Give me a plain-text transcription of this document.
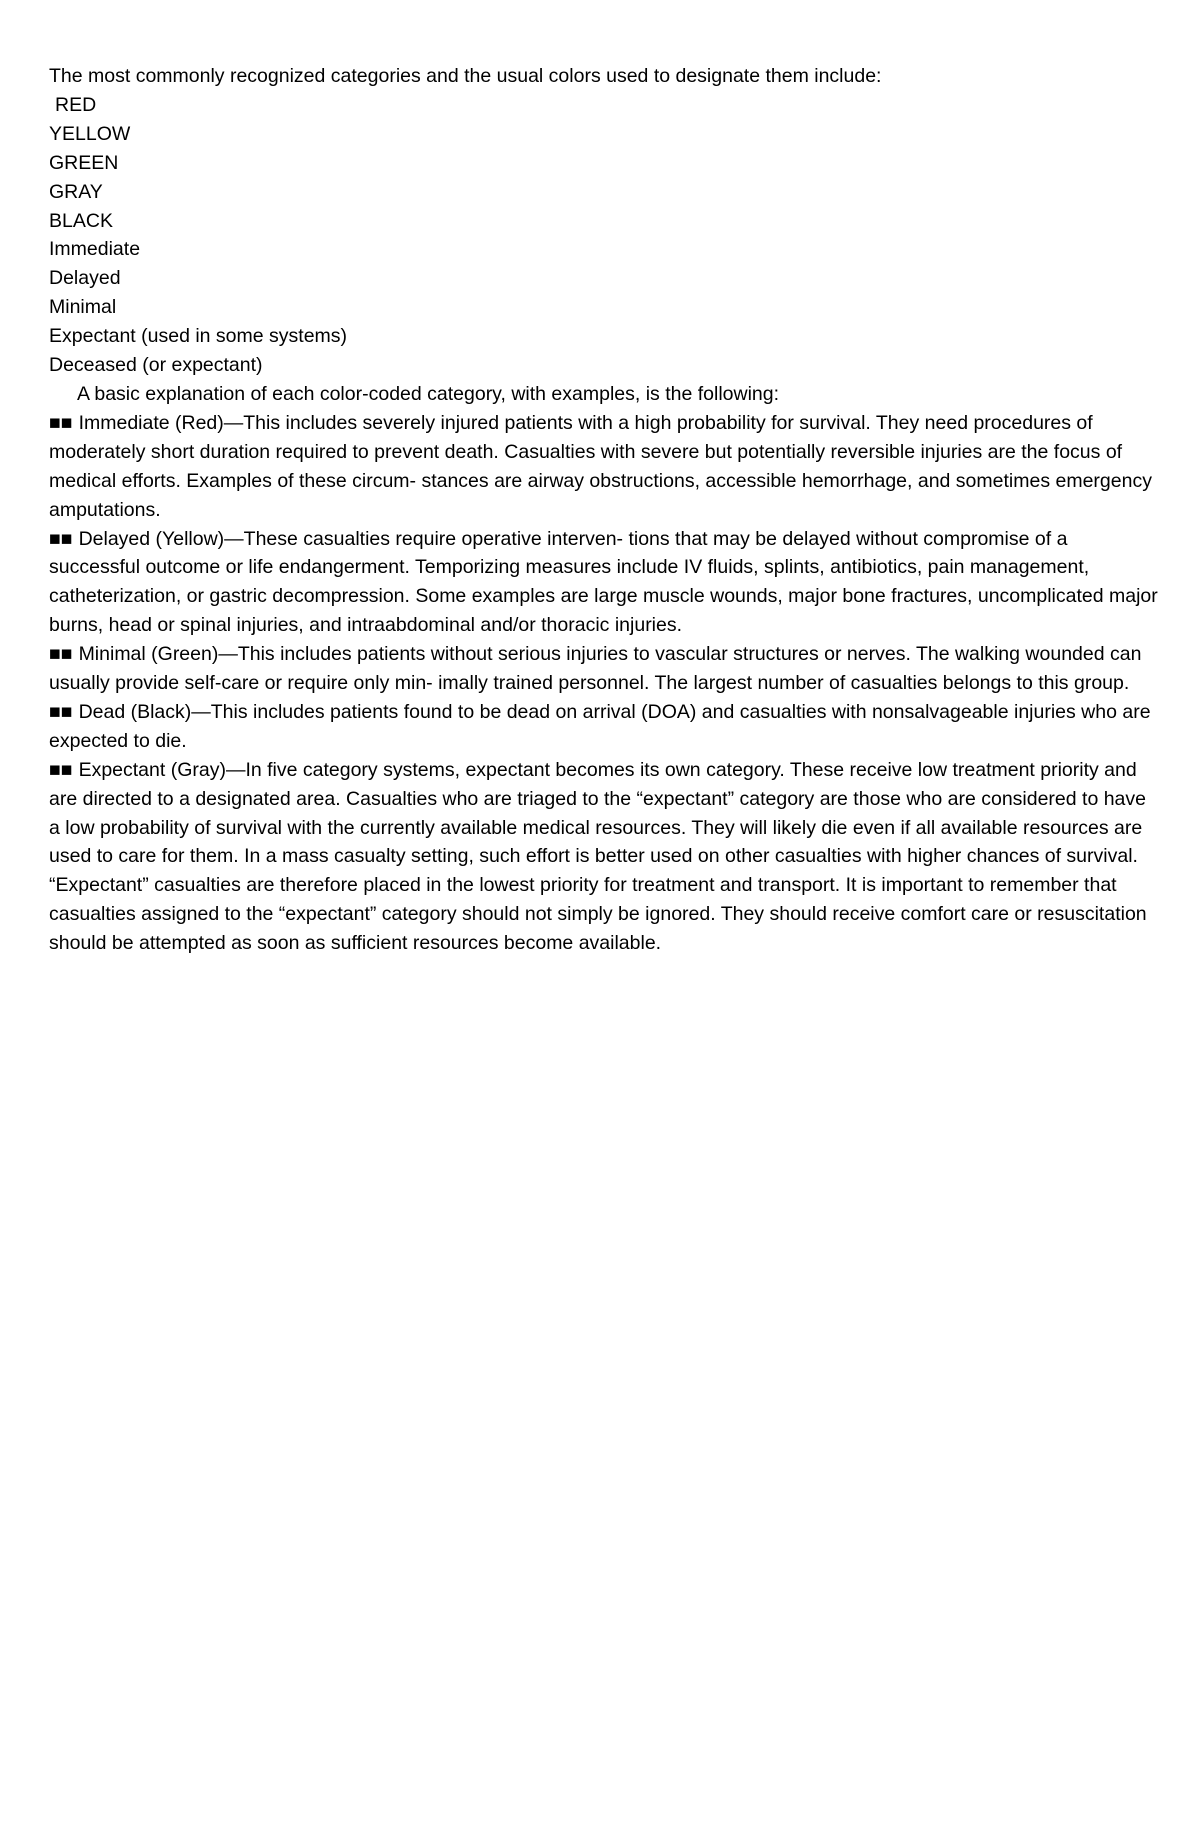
The most commonly recognized categories and the usual colors used to designate them include:

RED

YELLOW

GREEN

GRAY

BLACK

Immediate

Delayed

Minimal

Expectant (used in some systems)

Deceased (or expectant)

A basic explanation of each color-coded category, with examples, is the following:

■■ Immediate (Red)—This includes severely injured patients with a high probability for survival. They need procedures of moderately short duration required to prevent death. Casualties with severe but potentially reversible injuries are the focus of medical efforts. Examples of these circum- stances are airway obstructions, accessible hemorrhage, and sometimes emergency amputations.

■■ Delayed (Yellow)—These casualties require operative interven- tions that may be delayed without compromise of a successful outcome or life endangerment. Temporizing measures include IV fluids, splints, antibiotics, pain management, catheterization, or gastric decompression. Some examples are large muscle wounds, major bone fractures, uncomplicated major burns, head or spinal injuries, and intraabdominal and/or thoracic injuries.

■■ Minimal (Green)—This includes patients without serious injuries to vascular structures or nerves. The walking wounded can usually provide self-care or require only min- imally trained personnel. The largest number of casualties belongs to this group.

■■ Dead (Black)—This includes patients found to be dead on arrival (DOA) and casualties with nonsalvageable injuries who are expected to die.

■■ Expectant (Gray)—In five category systems, expectant becomes its own category. These receive low treatment priority and are directed to a designated area. Casualties who are triaged to the “expectant” category are those who are considered to have a low probability of survival with the currently available medical resources. They will likely die even if all available resources are used to care for them. In a mass casualty setting, such effort is better used on other casualties with higher chances of survival. “Expectant” casualties are therefore placed in the lowest priority for treatment and transport. It is important to remember that casualties assigned to the “expectant” category should not simply be ignored. They should receive comfort care or resuscitation should be attempted as soon as sufficient resources become available.
